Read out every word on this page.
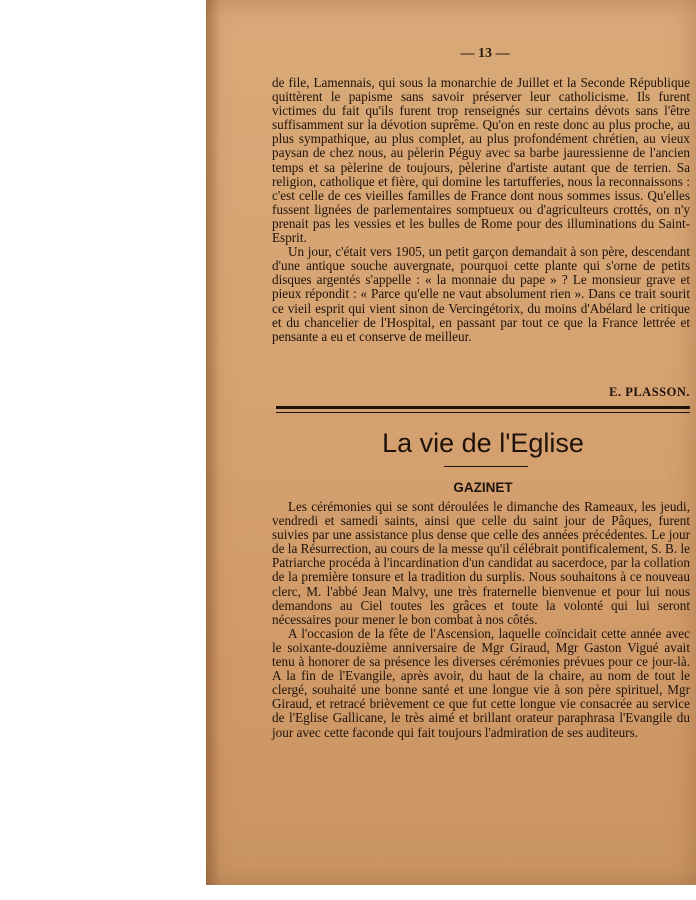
— 13 —

de file, Lamennais, qui sous la monarchie de Juillet et la Seconde République quittèrent le papisme sans savoir préserver leur catholicisme. Ils furent victimes du fait qu'ils furent trop renseignés sur certains dévots sans l'être suffisamment sur la dévotion suprême. Qu'on en reste donc au plus proche, au plus sympathique, au plus complet, au plus profondément chrétien, au vieux paysan de chez nous, au pèlerin Péguy avec sa barbe jauressienne de l'ancien temps et sa pèlerine de toujours, pèlerine d'artiste autant que de terrien. Sa religion, catholique et fière, qui domine les tartufferies, nous la reconnaissons : c'est celle de ces vieilles familles de France dont nous sommes issus. Qu'elles fussent lignées de parlementaires somptueux ou d'agriculteurs crottés, on n'y prenait pas les vessies et les bulles de Rome pour des illuminations du Saint-Esprit.

Un jour, c'était vers 1905, un petit garçon demandait à son père, descendant d'une antique souche auvergnate, pourquoi cette plante qui s'orne de petits disques argentés s'appelle : « la monnaie du pape » ? Le monsieur grave et pieux répondit : « Parce qu'elle ne vaut absolument rien ». Dans ce trait sourit ce vieil esprit qui vient sinon de Vercingétorix, du moins d'Abélard le critique et du chancelier de l'Hospital, en passant par tout ce que la France lettrée et pensante a eu et conserve de meilleur.

E. PLASSON.
La vie de l'Eglise
GAZINET

Les cérémonies qui se sont déroulées le dimanche des Rameaux, les jeudi, vendredi et samedi saints, ainsi que celle du saint jour de Pâques, furent suivies par une assistance plus dense que celle des années précédentes. Le jour de la Résurrection, au cours de la messe qu'il célébrait pontificalement, S. B. le Patriarche procéda à l'incardination d'un candidat au sacerdoce, par la collation de la première tonsure et la tradition du surplis. Nous souhaitons à ce nouveau clerc, M. l'abbé Jean Malvy, une très fraternelle bienvenue et pour lui nous demandons au Ciel toutes les grâces et toute la volonté qui lui seront nécessaires pour mener le bon combat à nos côtés.

A l'occasion de la fête de l'Ascension, laquelle coïncidait cette année avec le soixante-douzième anniversaire de Mgr Giraud, Mgr Gaston Vigué avait tenu à honorer de sa présence les diverses cérémonies prévues pour ce jour-là. A la fin de l'Evangile, après avoir, du haut de la chaire, au nom de tout le clergé, souhaité une bonne santé et une longue vie à son père spirituel, Mgr Giraud, et retracé brièvement ce que fut cette longue vie consacrée au service de l'Eglise Gallicane, le très aimé et brillant orateur paraphrasa l'Evangile du jour avec cette faconde qui fait toujours l'admiration de ses auditeurs.
